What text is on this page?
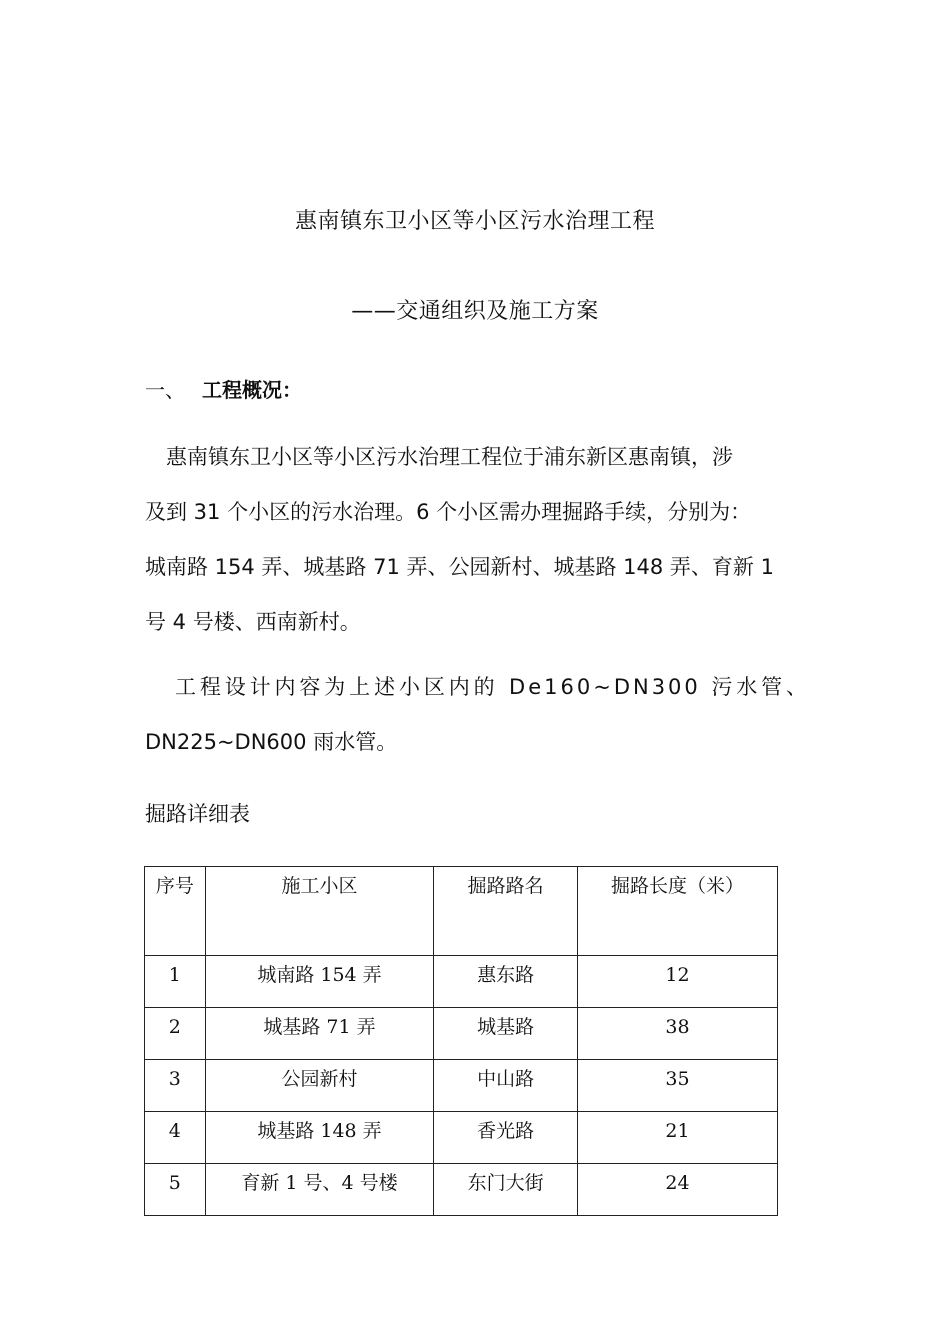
惠南镇东卫小区等小区污水治理工程
——交通组织及施工方案
一、 工程概况：

惠南镇东卫小区等小区污水治理工程位于浦东新区惠南镇，涉
及到 31 个小区的污水治理。6 个小区需办理掘路手续，分别为：
城南路 154 弄、城基路 71 弄、公园新村、城基路 148 弄、育新 1
号 4 号楼、西南新村。

工程设计内容为上述小区内的 De160~DN300 污水管、
DN225~DN600 雨水管。

掘路详细表
序号	施工小区	掘路路名	掘路长度（米）
1	城南路 154 弄	惠东路	12
2	城基路 71 弄	城基路	38
3	公园新村	中山路	35
4	城基路 148 弄	香光路	21
5	育新 1 号、4 号楼	东门大街	24
